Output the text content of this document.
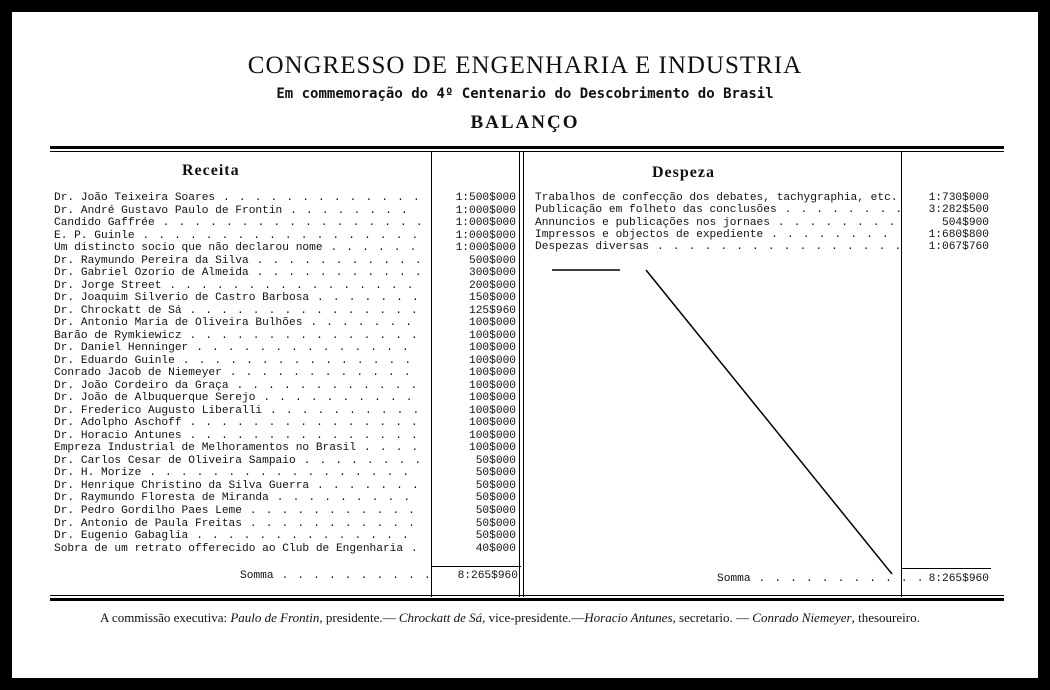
CONGRESSO DE ENGENHARIA E INDUSTRIA
Em commemoração do 4º Centenario do Descobrimento do Brasil
BALANÇO
Receita	Despeza
Dr. João Teixeira Soares . . . . . . . . . . . . .	1:500$000
Dr. André Gustavo Paulo de Frontin . . . . . . . .	1:000$000
Candido Gaffrée . . . . . . . . . . . . . . . . .	1:000$000
E. P. Guinle . . . . . . . . . . . . . . . . . .	1:000$000
Um distincto socio que não declarou nome . . . . . .	1:000$000
Dr. Raymundo Pereira da Silva . . . . . . . . . . .	500$000
Dr. Gabriel Ozorio de Almeida . . . . . . . . . . .	300$000
Dr. Jorge Street . . . . . . . . . . . . . . . .	200$000
Dr. Joaquim Silverio de Castro Barbosa . . . . . . .	150$000
Dr. Chrockatt de Sá . . . . . . . . . . . . . . .	125$960
Dr. Antonio Maria de Oliveira Bulhões . . . . . . .	100$000
Barão de Rymkiewicz . . . . . . . . . . . . . . .	100$000
Dr. Daniel Henninger . . . . . . . . . . . . . .	100$000
Dr. Eduardo Guinle . . . . . . . . . . . . . . .	100$000
Conrado Jacob de Niemeyer . . . . . . . . . . . .	100$000
Dr. João Cordeiro da Graça . . . . . . . . . . . .	100$000
Dr. João de Albuquerque Serejo . . . . . . . . . .	100$000
Dr. Frederico Augusto Liberalli . . . . . . . . . .	100$000
Dr. Adolpho Aschoff . . . . . . . . . . . . . . .	100$000
Dr. Horacio Antunes . . . . . . . . . . . . . . .	100$000
Empreza Industrial de Melhoramentos no Brasil . . . .	100$000
Dr. Carlos Cesar de Oliveira Sampaio . . . . . . . .	50$000
Dr. H. Morize . . . . . . . . . . . . . . . . .	50$000
Dr. Henrique Christino da Silva Guerra . . . . . . .	50$000
Dr. Raymundo Floresta de Miranda . . . . . . . . .	50$000
Dr. Pedro Gordilho Paes Leme . . . . . . . . . . .	50$000
Dr. Antonio de Paula Freitas . . . . . . . . . . .	50$000
Dr. Eugenio Gabaglia . . . . . . . . . . . . . .	50$000
Sobra de um retrato offerecido ao Club de Engenharia .	40$000
Trabalhos de confecção dos debates, tachygraphia, etc.	1:730$000
Publicação em folheto das conclusões . . . . . . . . 3:282$500
Annuncios e publicações nos jornaes . . . . . . . .	504$900
Impressos e objectos de expediente . . . . . . . .	1:680$800
Despezas diversas . . . . . . . . . . . . . . . . 1:067$760
Somma . . . . . . . . . . 8:265$960	Somma . . . . . . . . . . . 8:265$960
A commissão executiva: Paulo de Frontin, presidente.— Chrockatt de Sá, vice-presidente.—Horacio Antunes, secretario. — Conrado Niemeyer, thesoureiro.
